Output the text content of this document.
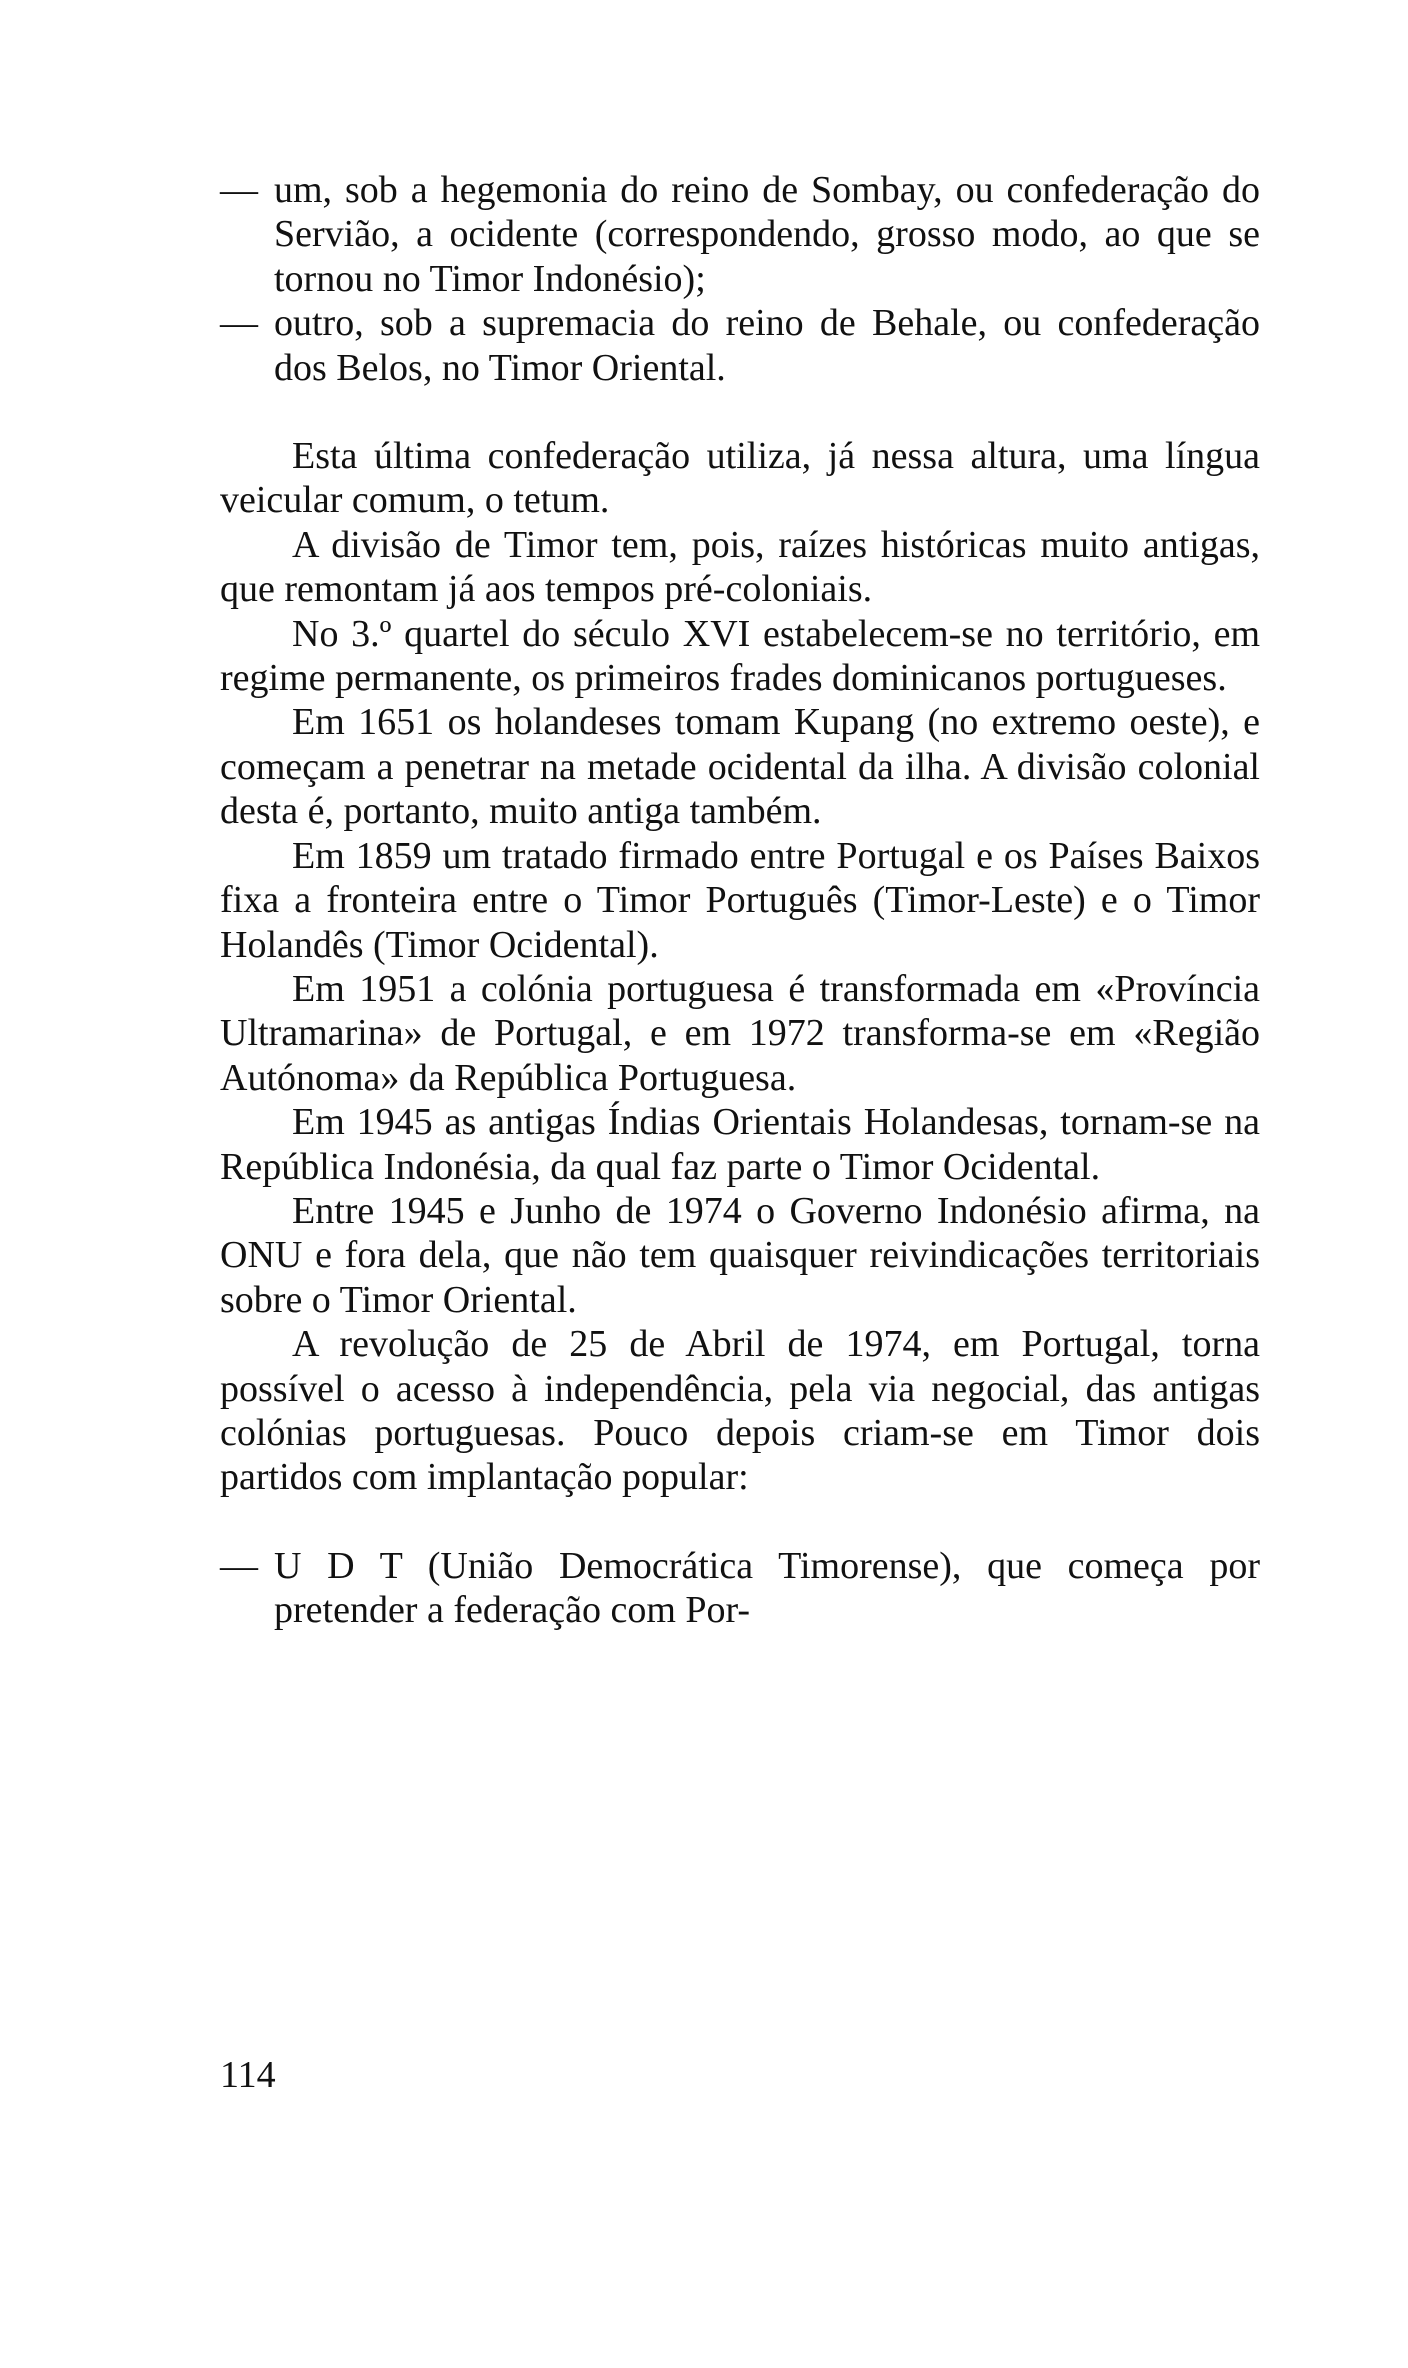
— um, sob a hegemonia do reino de Sombay, ou confederação do Servião, a ocidente (correspondendo, grosso modo, ao que se tornou no Timor Indonésio);
— outro, sob a supremacia do reino de Behale, ou confederação dos Belos, no Timor Oriental.

Esta última confederação utiliza, já nessa altura, uma língua veicular comum, o tetum.

A divisão de Timor tem, pois, raízes históricas muito antigas, que remontam já aos tempos pré-coloniais.

No 3.º quartel do século XVI estabelecem-se no território, em regime permanente, os primeiros frades dominicanos portugueses.

Em 1651 os holandeses tomam Kupang (no extremo oeste), e começam a penetrar na metade ocidental da ilha. A divisão colonial desta é, portanto, muito antiga também.

Em 1859 um tratado firmado entre Portugal e os Países Baixos fixa a fronteira entre o Timor Português (Timor-Leste) e o Timor Holandês (Timor Ocidental).

Em 1951 a colónia portuguesa é transformada em «Província Ultramarina» de Portugal, e em 1972 transforma-se em «Região Autónoma» da República Portuguesa.

Em 1945 as antigas Índias Orientais Holandesas, tornam-se na República Indonésia, da qual faz parte o Timor Ocidental.

Entre 1945 e Junho de 1974 o Governo Indonésio afirma, na ONU e fora dela, que não tem quaisquer reivindicações territoriais sobre o Timor Oriental.

A revolução de 25 de Abril de 1974, em Portugal, torna possível o acesso à independência, pela via negocial, das antigas colónias portuguesas. Pouco depois criam-se em Timor dois partidos com implantação popular:

— U D T (União Democrática Timorense), que começa por pretender a federação com Por-
114
